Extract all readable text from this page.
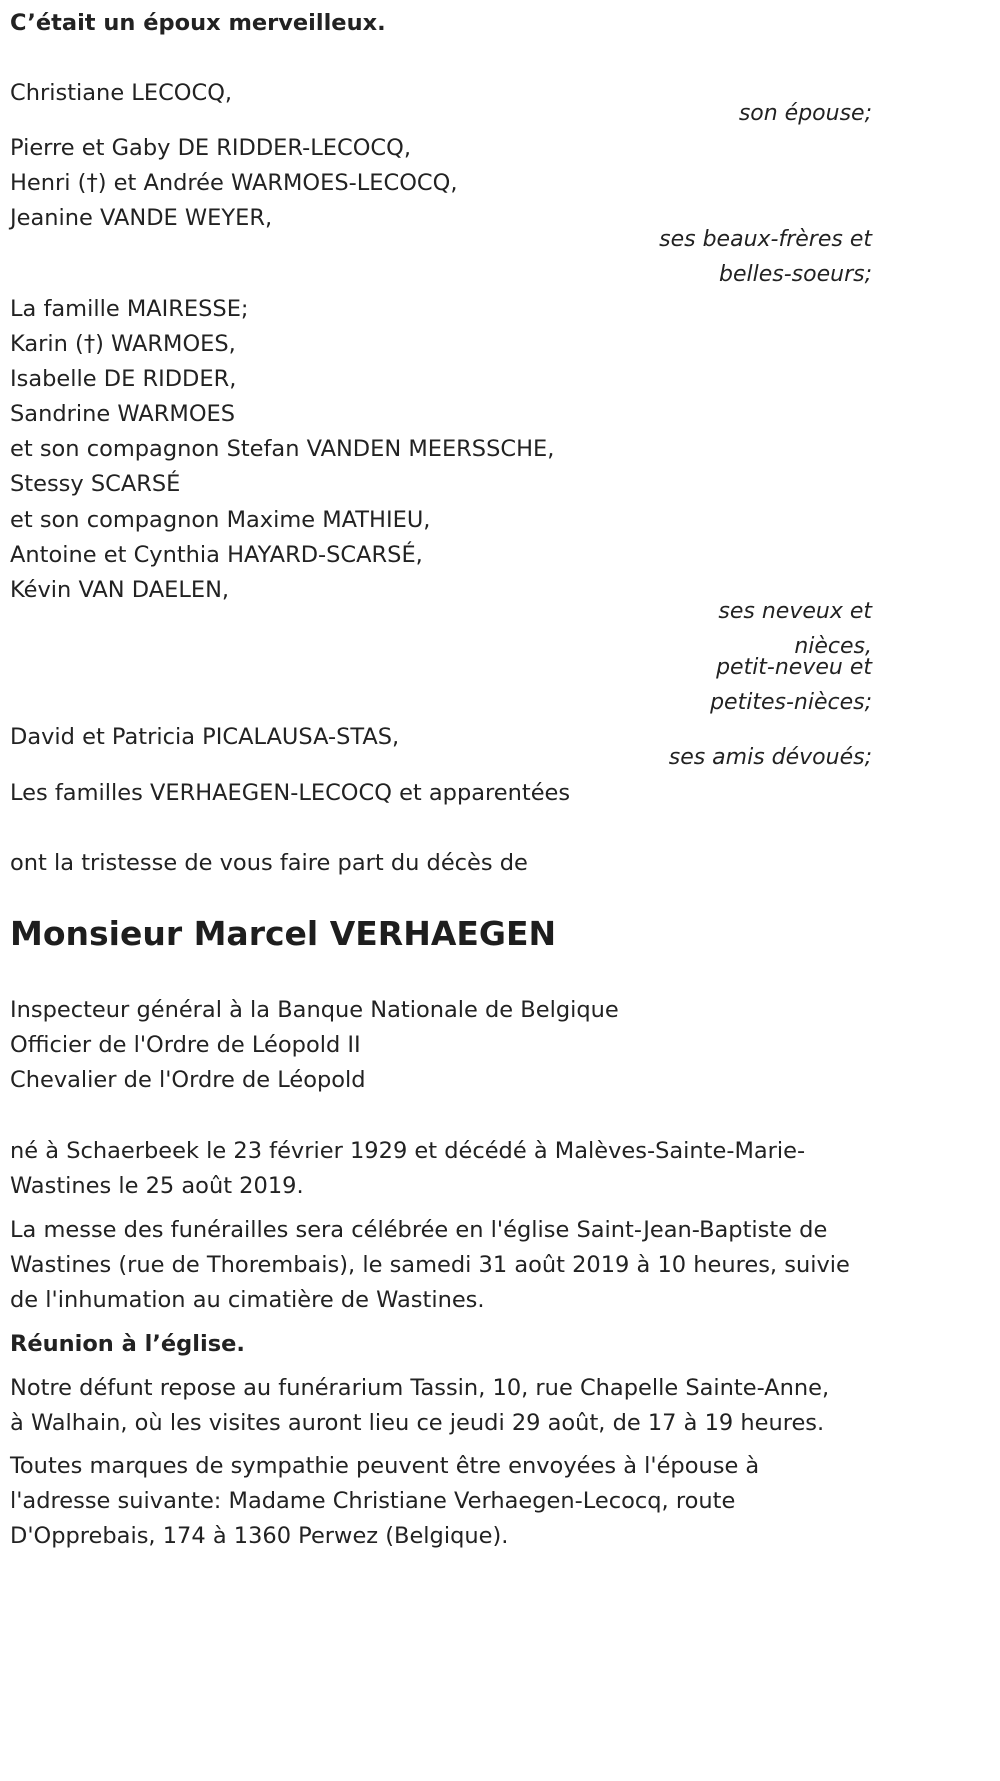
C’était un époux merveilleux.
Christiane LECOCQ,
son épouse;
Pierre et Gaby DE RIDDER-LECOCQ,
Henri (†) et Andrée WARMOES-LECOCQ,
Jeanine VANDE WEYER,
ses beaux-frères et
belles-soeurs;
La famille MAIRESSE;
Karin (†) WARMOES,
Isabelle DE RIDDER,
Sandrine WARMOES
et son compagnon Stefan VANDEN MEERSSCHE,
Stessy SCARSÉ
et son compagnon Maxime MATHIEU,
Antoine et Cynthia HAYARD-SCARSÉ,
Kévin VAN DAELEN,
ses neveux et
nièces,
petit-neveu et
petites-nièces;
David et Patricia PICALAUSA-STAS,
ses amis dévoués;
Les familles VERHAEGEN-LECOCQ et apparentées
ont la tristesse de vous faire part du décès de
Monsieur Marcel VERHAEGEN
Inspecteur général à la Banque Nationale de Belgique
Officier de l'Ordre de Léopold II
Chevalier de l'Ordre de Léopold
né à Schaerbeek le 23 février 1929 et décédé à Malèves-Sainte-Marie-
Wastines le 25 août 2019.
La messe des funérailles sera célébrée en l'église Saint-Jean-Baptiste de
Wastines (rue de Thorembais), le samedi 31 août 2019 à 10 heures, suivie
de l'inhumation au cimatière de Wastines.
Réunion à l’église.
Notre défunt repose au funérarium Tassin, 10, rue Chapelle Sainte-Anne,
à Walhain, où les visites auront lieu ce jeudi 29 août, de 17 à 19 heures.
Toutes marques de sympathie peuvent être envoyées à l'épouse à
l'adresse suivante: Madame Christiane Verhaegen-Lecocq, route
D'Opprebais, 174 à 1360 Perwez (Belgique).
